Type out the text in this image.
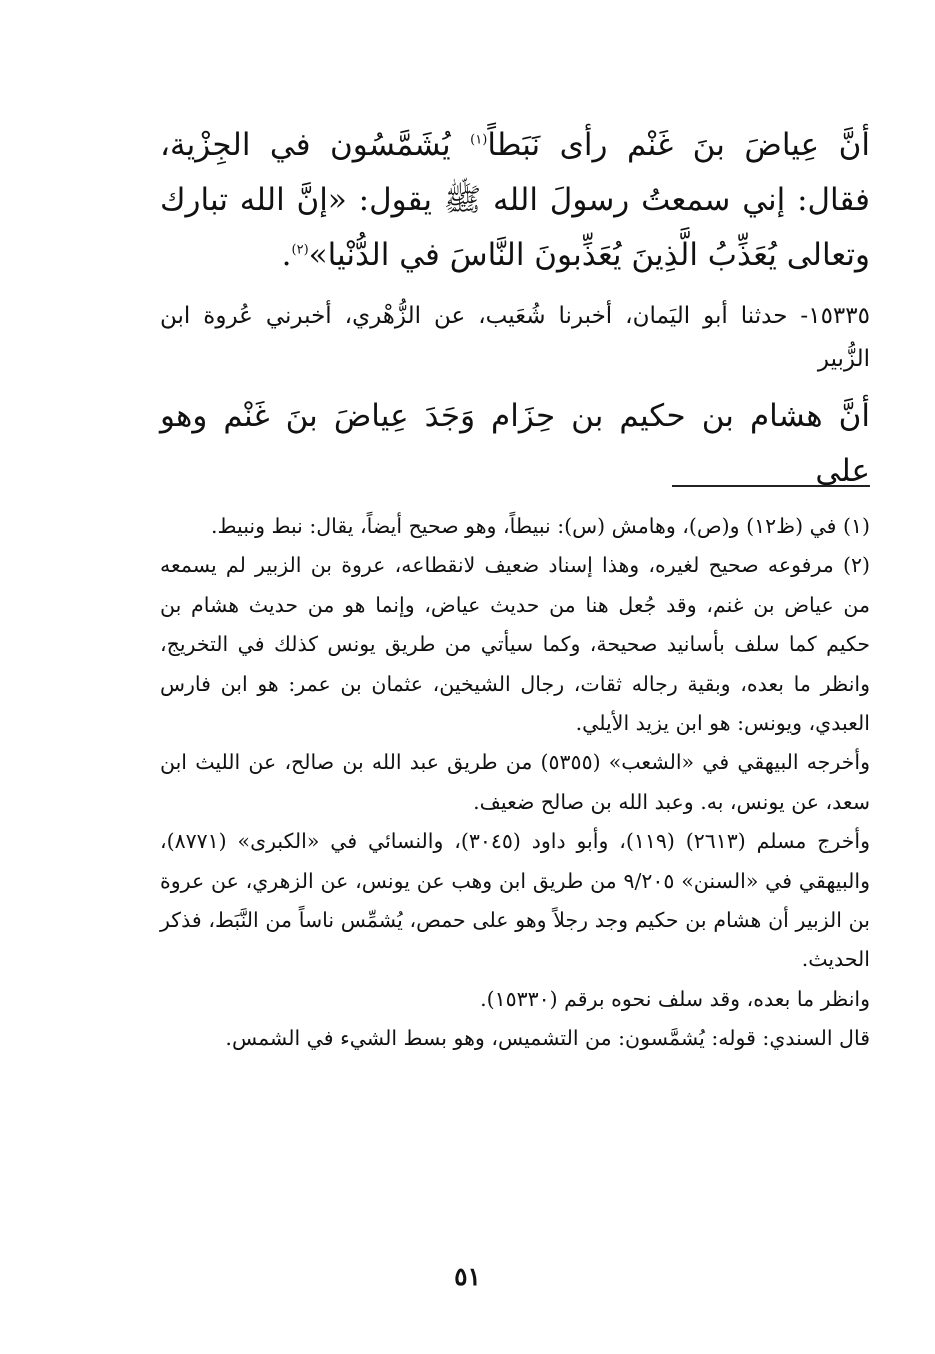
أنَّ عِياضَ بنَ غَنْم رأى نَبَطاً$^{(١)}$ يُشَمَّسُون في الجِزْية، فقال: إني سمعتُ رسولَ الله ﷺ يقول: «إنَّ الله تبارك وتعالى يُعَذِّبُ الَّذِينَ يُعَذِّبونَ النَّاسَ في الدُّنْيا»$^{(٢)}$.

١٥٣٣٥- حدثنا أبو اليَمان، أخبرنا شُعَيب، عن الزُّهْري، أخبرني عُروة ابن الزُّبير

أنَّ هشام بن حكيم بن حِزَام وَجَدَ عِياضَ بنَ غَنْم وهو على

(١) في (ظ١٢) و(ص)، وهامش (س): نبيطاً، وهو صحيح أيضاً، يقال: نبط ونبيط.

(٢) مرفوعه صحيح لغيره، وهذا إسناد ضعيف لانقطاعه، عروة بن الزبير لم يسمعه من عياض بن غنم، وقد جُعل هنا من حديث عياض، وإنما هو من حديث هشام بن حكيم كما سلف بأسانيد صحيحة، وكما سيأتي من طريق يونس كذلك في التخريج، وانظر ما بعده، وبقية رجاله ثقات، رجال الشيخين، عثمان بن عمر: هو ابن فارس العبدي، ويونس: هو ابن يزيد الأيلي.

وأخرجه البيهقي في «الشعب» (٥٣٥٥) من طريق عبد الله بن صالح، عن الليث ابن سعد، عن يونس، به. وعبد الله بن صالح ضعيف.

وأخرج مسلم (٢٦١٣) (١١٩)، وأبو داود (٣٠٤٥)، والنسائي في «الكبرى» (٨٧٧١)، والبيهقي في «السنن» ٩/٢٠٥ من طريق ابن وهب عن يونس، عن الزهري، عن عروة بن الزبير أن هشام بن حكيم وجد رجلاً وهو على حمص، يُشمِّس ناساً من النَّبَط، فذكر الحديث.

وانظر ما بعده، وقد سلف نحوه برقم (١٥٣٣٠).

قال السندي: قوله: يُشمَّسون: من التشميس، وهو بسط الشيء في الشمس.

٥١
